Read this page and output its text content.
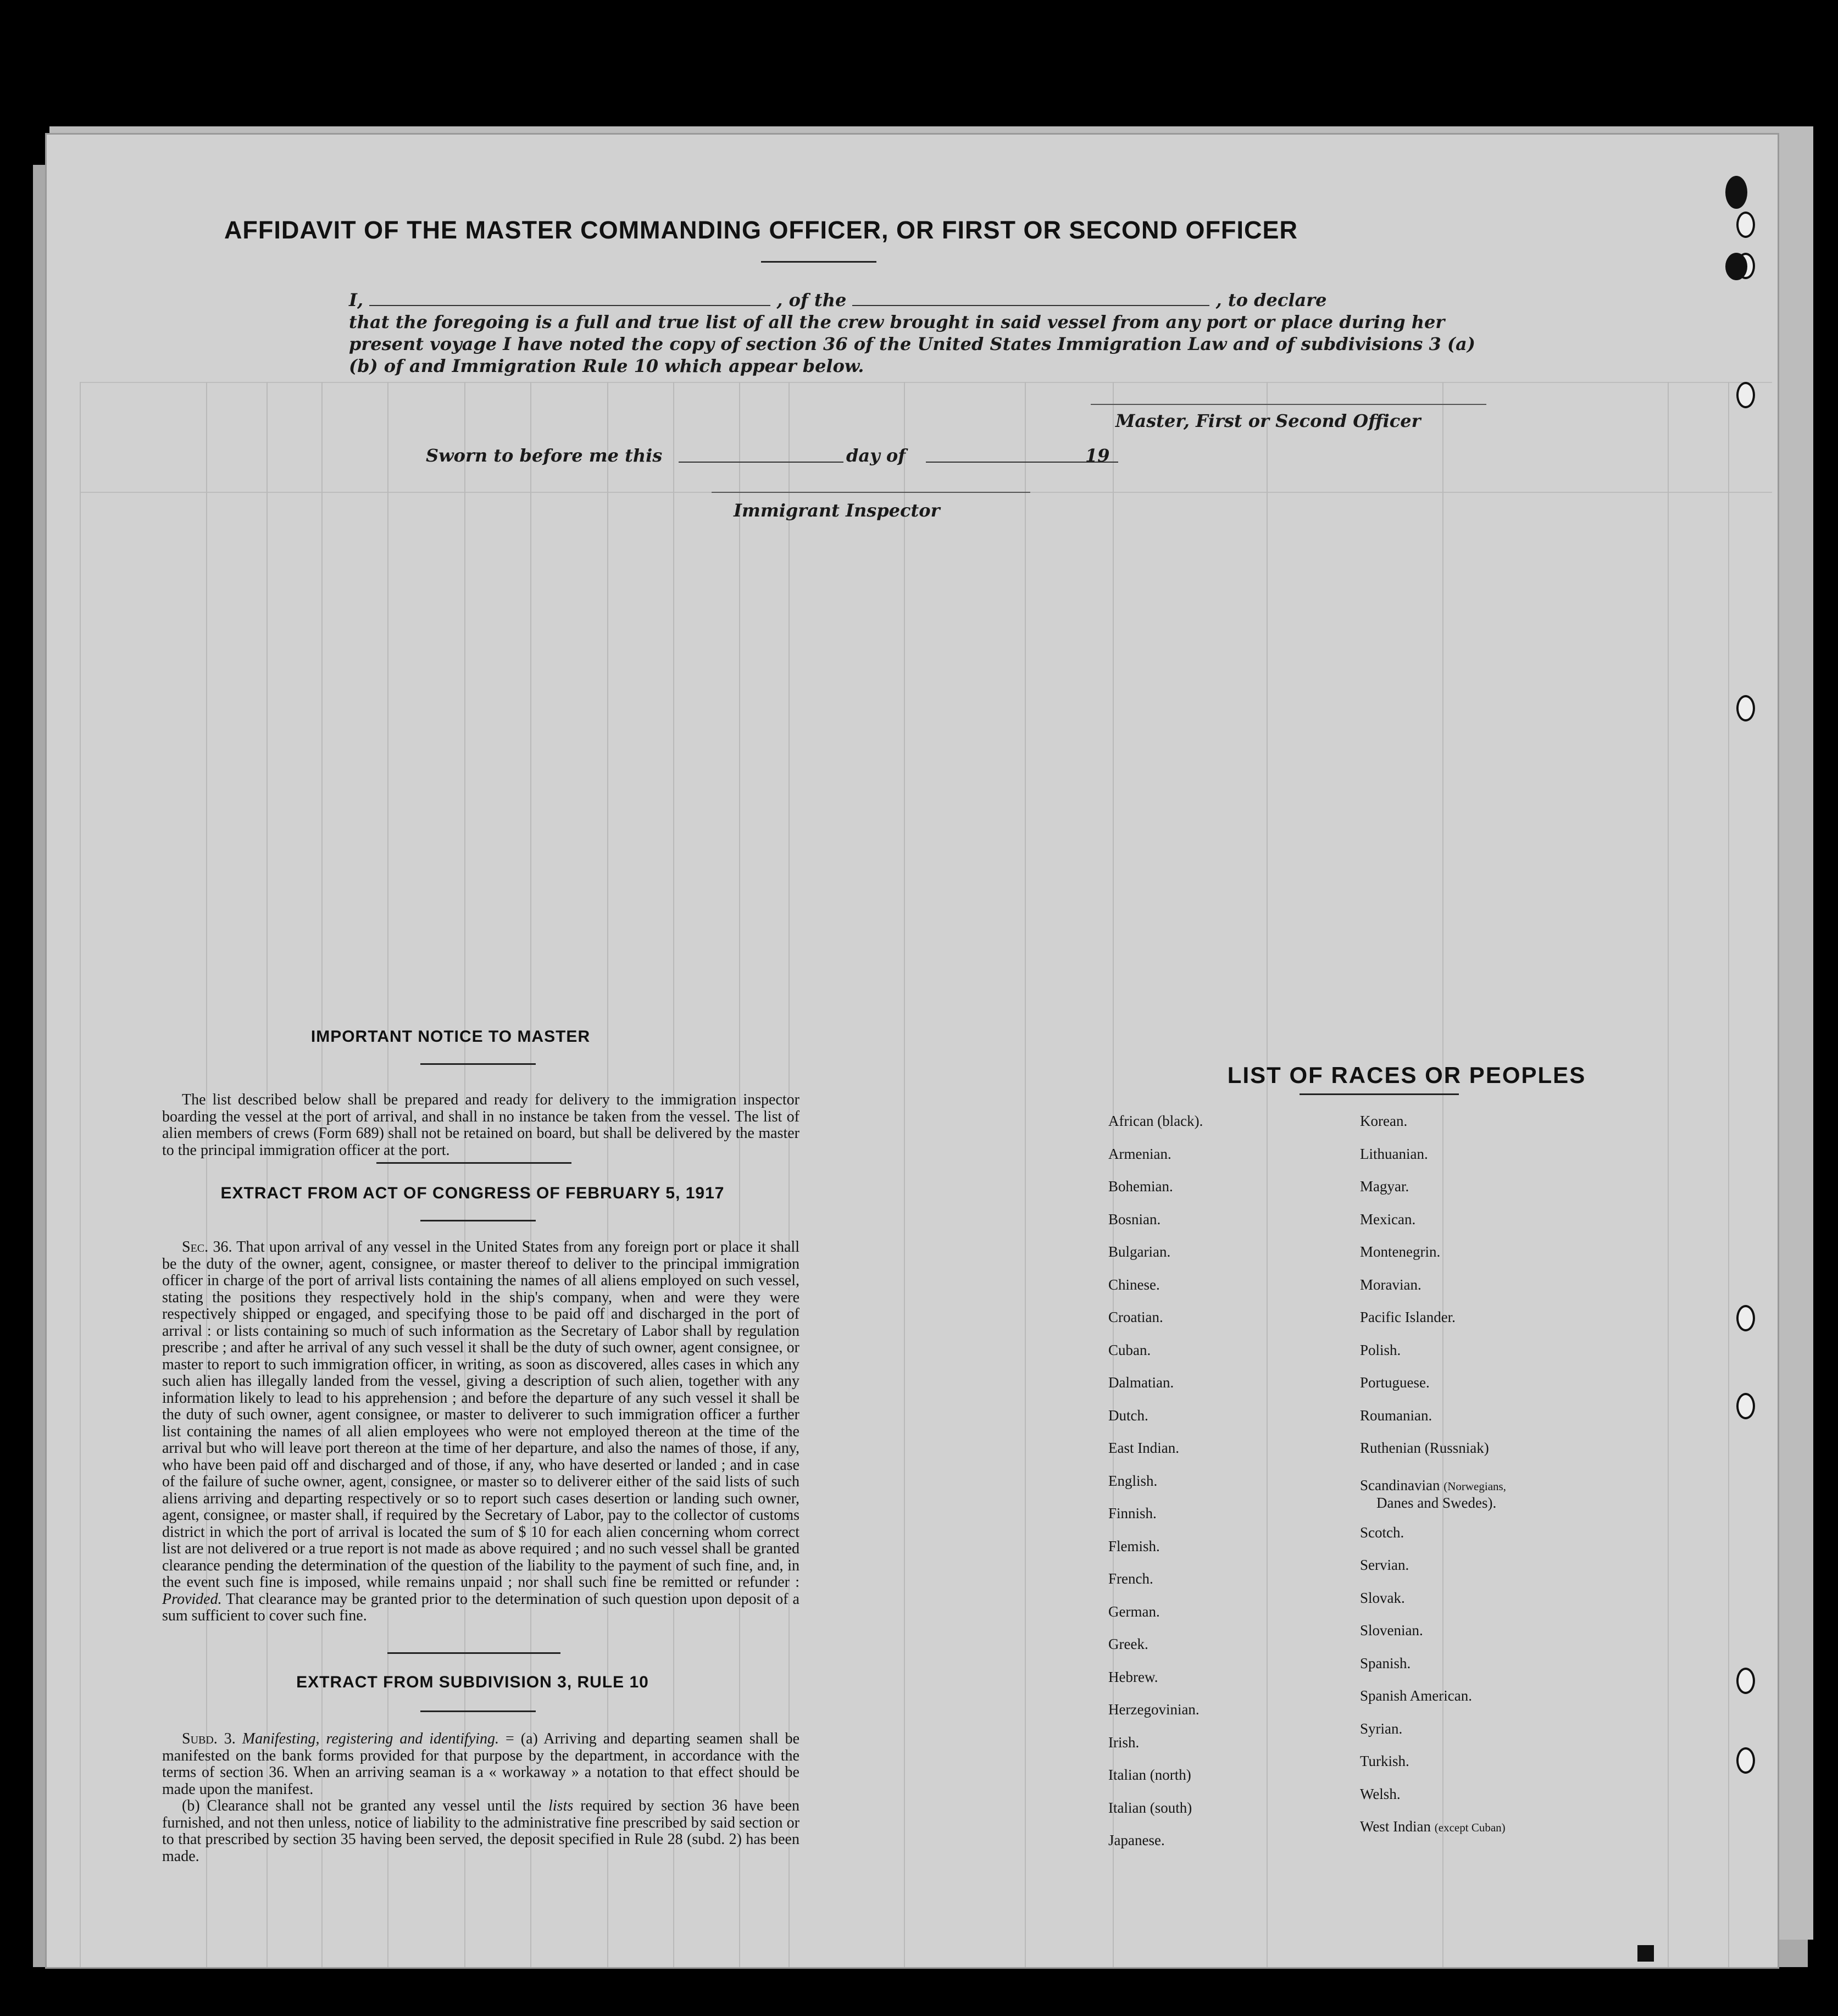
AFFIDAVIT OF THE MASTER COMMANDING OFFICER, OR FIRST OR SECOND OFFICER
I,	, of the	, to declare
that the foregoing is a full and true list of all the crew brought in said vessel from any port or place during her
present voyage I have noted the copy of section 36 of the United States Immigration Law and of subdivisions 3 (a)
(b) of and Immigration Rule 10 which appear below.
Master, First or Second Officer
Sworn to before me this	day of	19
Immigrant Inspector
IMPORTANT NOTICE TO MASTER

The list described below shall be prepared and ready for delivery to the immigration inspector boarding the vessel at the port of arrival, and shall in no instance be taken from the vessel. The list of alien members of crews (Form 689) shall not be retained on board, but shall be delivered by the master to the principal immigration officer at the port.

EXTRACT FROM ACT OF CONGRESS OF FEBRUARY 5, 1917

Sec. 36. That upon arrival of any vessel in the United States from any foreign port or place it shall be the duty of the owner, agent, consignee, or master thereof to deliver to the principal immigration officer in charge of the port of arrival lists containing the names of all aliens employed on such vessel, stating the positions they respectively hold in the ship's company, when and were they were respectively shipped or engaged, and specifying those to be paid off and discharged in the port of arrival : or lists containing so much of such information as the Secretary of Labor shall by regulation prescribe ; and after he arrival of any such vessel it shall be the duty of such owner, agent consignee, or master to report to such immigration officer, in writing, as soon as discovered, alles cases in which any such alien has illegally landed from the vessel, giving a description of such alien, together with any information likely to lead to his apprehension ; and before the departure of any such vessel it shall be the duty of such owner, agent consignee, or master to deliverer to such immigration officer a further list containing the names of all alien employees who were not employed thereon at the time of the arrival but who will leave port thereon at the time of her departure, and also the names of those, if any, who have been paid off and discharged and of those, if any, who have deserted or landed ; and in case of the failure of suche owner, agent, consignee, or master so to deliverer either of the said lists of such aliens arriving and departing respectively or so to report such cases desertion or landing such owner, agent, consignee, or master shall, if required by the Secretary of Labor, pay to the collector of customs district in which the port of arrival is located the sum of $ 10 for each alien concerning whom correct list are not delivered or a true report is not made as above required ; and no such vessel shall be granted clearance pending the determination of the question of the liability to the payment of such fine, and, in the event such fine is imposed, while remains unpaid ; nor shall such fine be remitted or refunder : Provided. That clearance may be granted prior to the determination of such question upon deposit of a sum sufficient to cover such fine.

EXTRACT FROM SUBDIVISION 3, RULE 10

Subd. 3. Manifesting, registering and identifying. = (a) Arriving and departing seamen shall be manifested on the bank forms provided for that purpose by the department, in accordance with the terms of section 36. When an arriving seaman is a « workaway » a notation to that effect should be made upon the manifest.

(b) Clearance shall not be granted any vessel until the lists required by section 36 have been furnished, and not then unless, notice of liability to the administrative fine prescribed by said section or to that prescribed by section 35 having been served, the deposit specified in Rule 28 (subd. 2) has been made.

LIST OF RACES OR PEOPLES
African (black).
Armenian.
Bohemian.
Bosnian.
Bulgarian.
Chinese.
Croatian.
Cuban.
Dalmatian.
Dutch.
East Indian.
English.
Finnish.
Flemish.
French.
German.
Greek.
Hebrew.
Herzegovinian.
Irish.
Italian (north)
Italian (south)
Japanese.
Korean.
Lithuanian.
Magyar.
Mexican.
Montenegrin.
Moravian.
Pacific Islander.
Polish.
Portuguese.
Roumanian.
Ruthenian (Russniak)
Scandinavian (Norwegians,
Danes and Swedes).
Scotch.
Servian.
Slovak.
Slovenian.
Spanish.
Spanish American.
Syrian.
Turkish.
Welsh.
West Indian (except Cuban)
